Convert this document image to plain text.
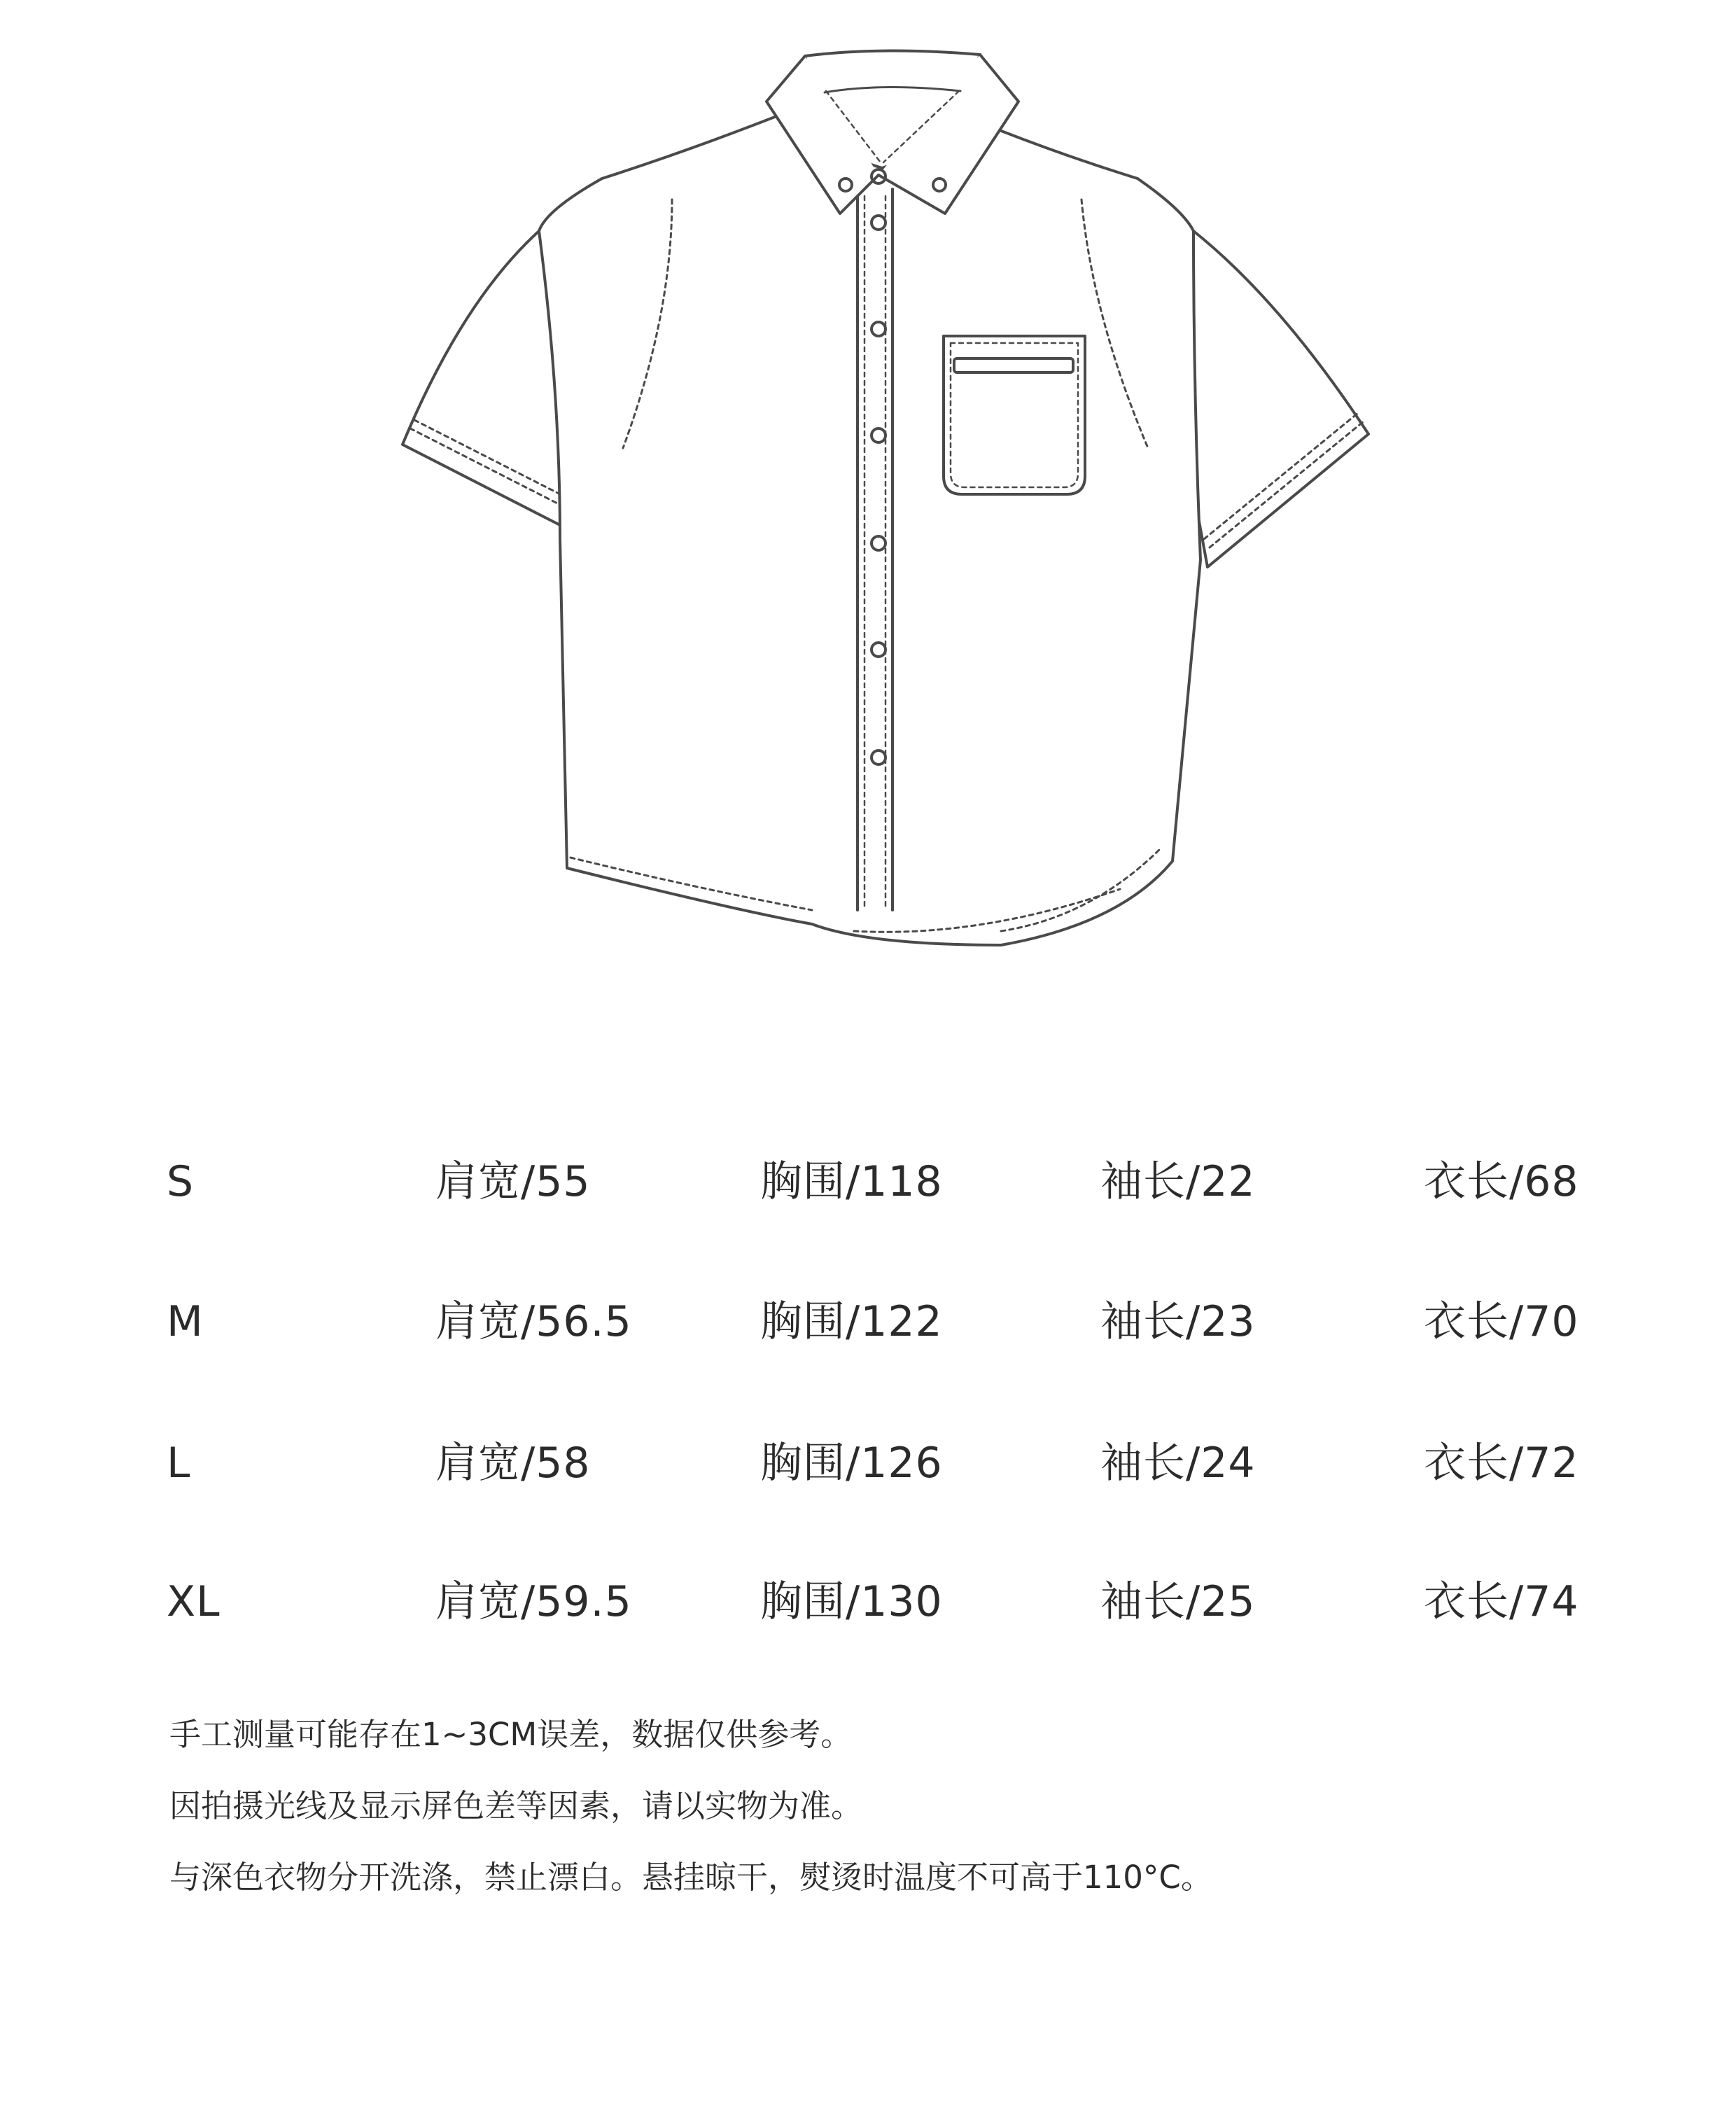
S	肩宽/55	胸围/118	袖长/22	衣长/68
M	肩宽/56.5	胸围/122	袖长/23	衣长/70
L	肩宽/58	胸围/126	袖长/24	衣长/72
XL	肩宽/59.5	胸围/130	袖长/25	衣长/74
手工测量可能存在1~3CM误差，数据仅供参考。
因拍摄光线及显示屏色差等因素，请以实物为准。
与深色衣物分开洗涤，禁止漂白。悬挂晾干，熨烫时温度不可高于110°C。
